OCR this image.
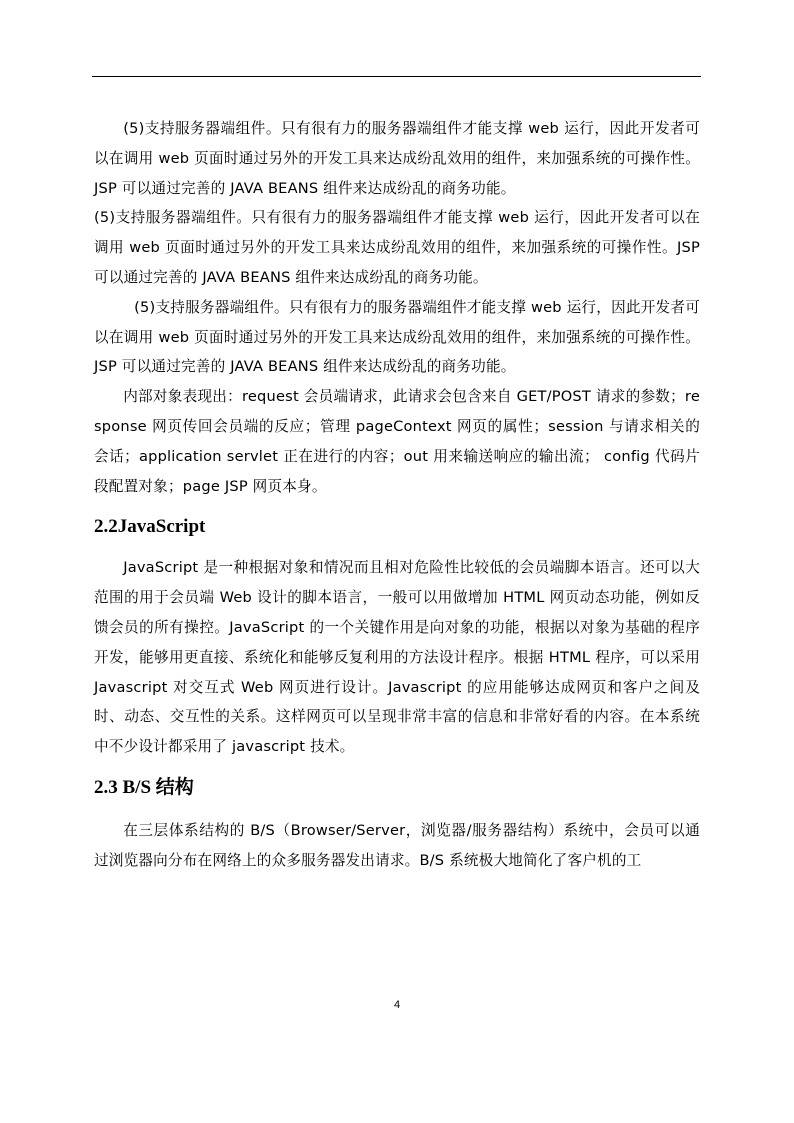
(5)支持服务器端组件。只有很有力的服务器端组件才能支撑 web 运行，因此开发者可以在调用 web 页面时通过另外的开发工具来达成纷乱效用的组件，来加强系统的可操作性。JSP 可以通过完善的 JAVA BEANS 组件来达成纷乱的商务功能。

(5)支持服务器端组件。只有很有力的服务器端组件才能支撑 web 运行，因此开发者可以在调用 web 页面时通过另外的开发工具来达成纷乱效用的组件，来加强系统的可操作性。JSP 可以通过完善的 JAVA BEANS 组件来达成纷乱的商务功能。

(5)支持服务器端组件。只有很有力的服务器端组件才能支撑 web 运行，因此开发者可以在调用 web 页面时通过另外的开发工具来达成纷乱效用的组件，来加强系统的可操作性。JSP 可以通过完善的 JAVA BEANS 组件来达成纷乱的商务功能。

内部对象表现出：request 会员端请求，此请求会包含来自 GET/POST 请求的参数；response 网页传回会员端的反应；管理 pageContext 网页的属性；session 与请求相关的会话；application servlet 正在进行的内容；out 用来输送响应的输出流； config 代码片段配置对象；page JSP 网页本身。

2.2JavaScript

JavaScript 是一种根据对象和情况而且相对危险性比较低的会员端脚本语言。还可以大范围的用于会员端 Web 设计的脚本语言，一般可以用做增加 HTML 网页动态功能，例如反馈会员的所有操控。JavaScript 的一个关键作用是向对象的功能，根据以对象为基础的程序开发，能够用更直接、系统化和能够反复利用的方法设计程序。根据 HTML 程序，可以采用 Javascript 对交互式 Web 网页进行设计。Javascript 的应用能够达成网页和客户之间及时、动态、交互性的关系。这样网页可以呈现非常丰富的信息和非常好看的内容。在本系统中不少设计都采用了 javascript 技术。

2.3 B/S 结构

在三层体系结构的 B/S（Browser/Server，浏览器/服务器结构）系统中，会员可以通过浏览器向分布在网络上的众多服务器发出请求。B/S 系统极大地简化了客户机的工

4
